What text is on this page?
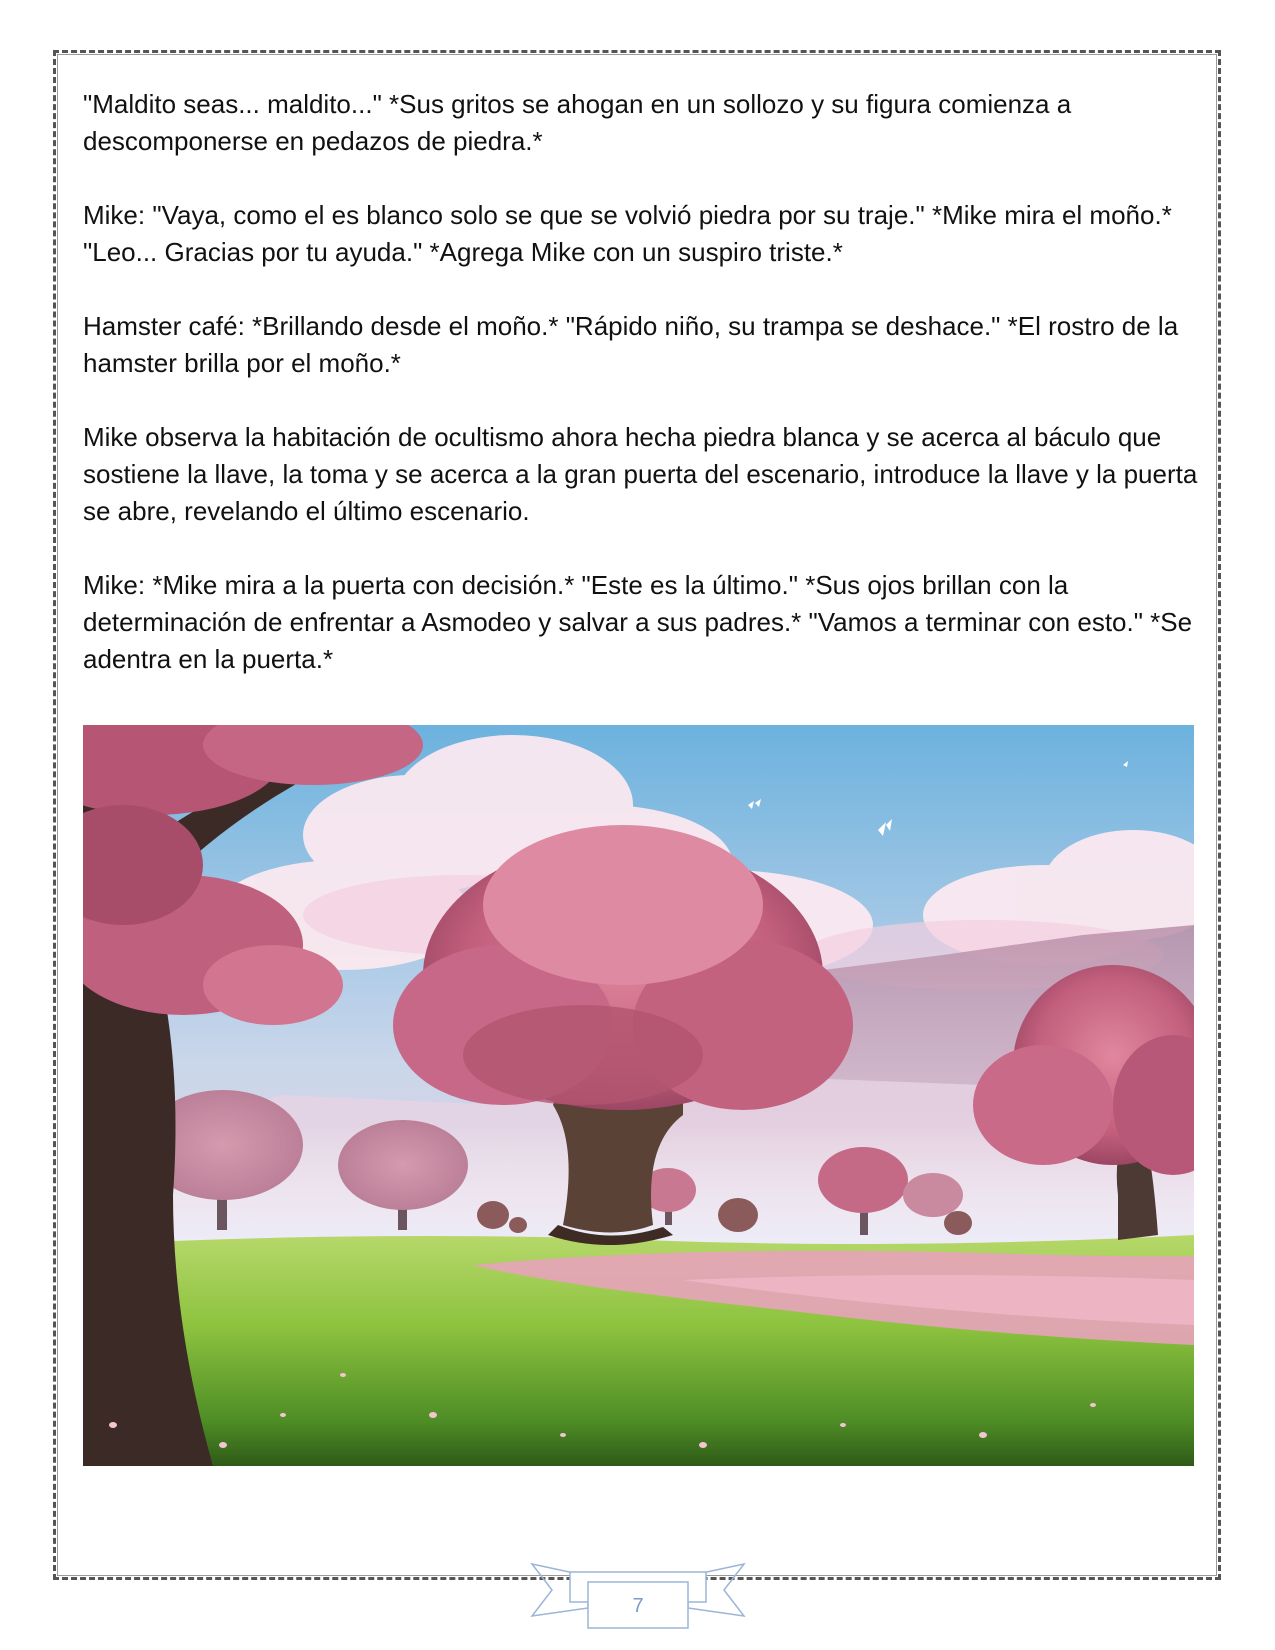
"Maldito seas... maldito..." *Sus gritos se ahogan en un sollozo y su figura comienza a descomponerse en pedazos de piedra.*

Mike: "Vaya, como el es blanco solo se que se volvió piedra por su traje." *Mike mira el moño.* "Leo... Gracias por tu ayuda." *Agrega Mike con un suspiro triste.*

Hamster café: *Brillando desde el moño.* "Rápido niño, su trampa se deshace." *El rostro de la hamster brilla por el moño.*

Mike observa la habitación de ocultismo ahora hecha piedra blanca y se acerca al báculo que sostiene la llave, la toma y se acerca a la gran puerta del escenario, introduce la llave y la puerta se abre, revelando el último escenario.

Mike: *Mike mira a la puerta con decisión.* "Este es la último." *Sus ojos brillan con la determinación de enfrentar a Asmodeo y salvar a sus padres.* "Vamos a terminar con esto." *Se adentra en la puerta.*

7
